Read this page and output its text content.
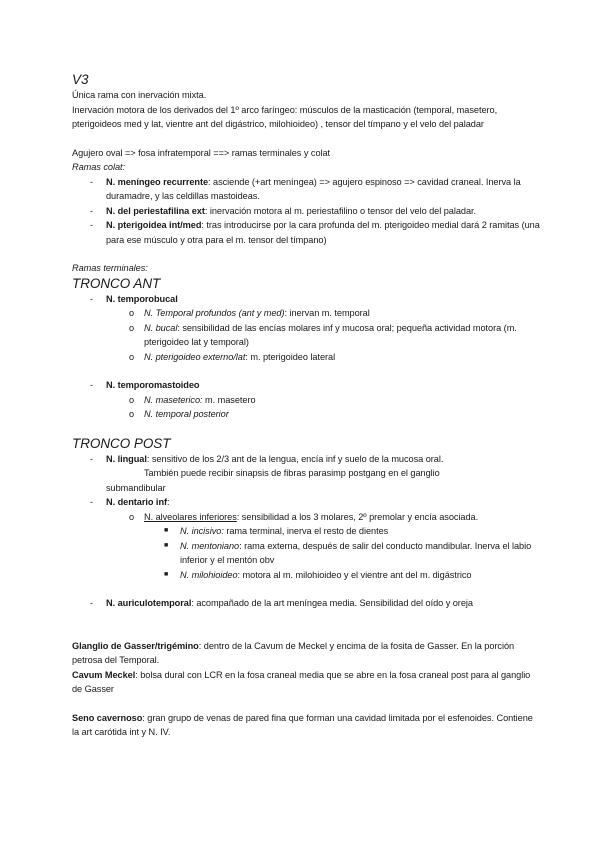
V3

Única rama con inervación mixta.

Inervación motora de los derivados del 1º arco faríngeo: músculos de la masticación (temporal, masetero, pterigoideos med y lat, vientre ant del digástrico, milohioideo) , tensor del tímpano y el velo del paladar

Agujero oval => fosa infratemporal ==> ramas terminales y colat

Ramas colat:

- N. meníngeo recurrente: asciende (+art meníngea) => agujero espinoso => cavidad craneal. Inerva la duramadre, y las celdillas mastoideas.
- N. del periestafilina ext: inervación motora al m. periestafilino o tensor del velo del paladar.
- N. pterigoidea int/med: tras introducirse por la cara profunda del m. pterigoideo medial dará 2 ramitas (una para ese músculo y otra para el m. tensor del tímpano)

Ramas terminales:

TRONCO ANT
- N. temporobucal
o N. Temporal profundos (ant y med): inervan m. temporal
o N. bucal: sensibilidad de las encías molares inf y mucosa oral; pequeña actividad motora (m. pterigoideo lat y temporal)
o N. pterigoideo externo/lat: m. pterigoideo lateral
- N. temporomastoideo
o N. maseterico: m. masetero
o N. temporal posterior
TRONCO POST
- N. lingual: sensitivo de los 2/3 ant de la lengua, encía inf y suelo de la mucosa oral.

También puede recibir sinapsis de fibras parasimp postgang en el ganglio

submandibular

- N. dentario inf:
o N. alveolares inferiores: sensibilidad a los 3 molares, 2º premolar y encía asociada.
■ N. incisivo: rama terminal, inerva el resto de dientes
■ N. mentoniano: rama externa, después de salir del conducto mandibular. Inerva el labio inferior y el mentón obv
■ N. milohioideo: motora al m. milohioideo y el vientre ant del m. digástrico
- N. auriculotemporal: acompañado de la art meníngea media. Sensibilidad del oído y oreja

Glanglio de Gasser/trigémino: dentro de la Cavum de Meckel y encima de la fosita de Gasser. En la porción petrosa del Temporal.

Cavum Meckel: bolsa dural con LCR en la fosa craneal media que se abre en la fosa craneal post para al ganglio de Gasser

Seno cavernoso: gran grupo de venas de pared fina que forman una cavidad limitada por el esfenoides. Contiene la art carótida int y N. IV.
